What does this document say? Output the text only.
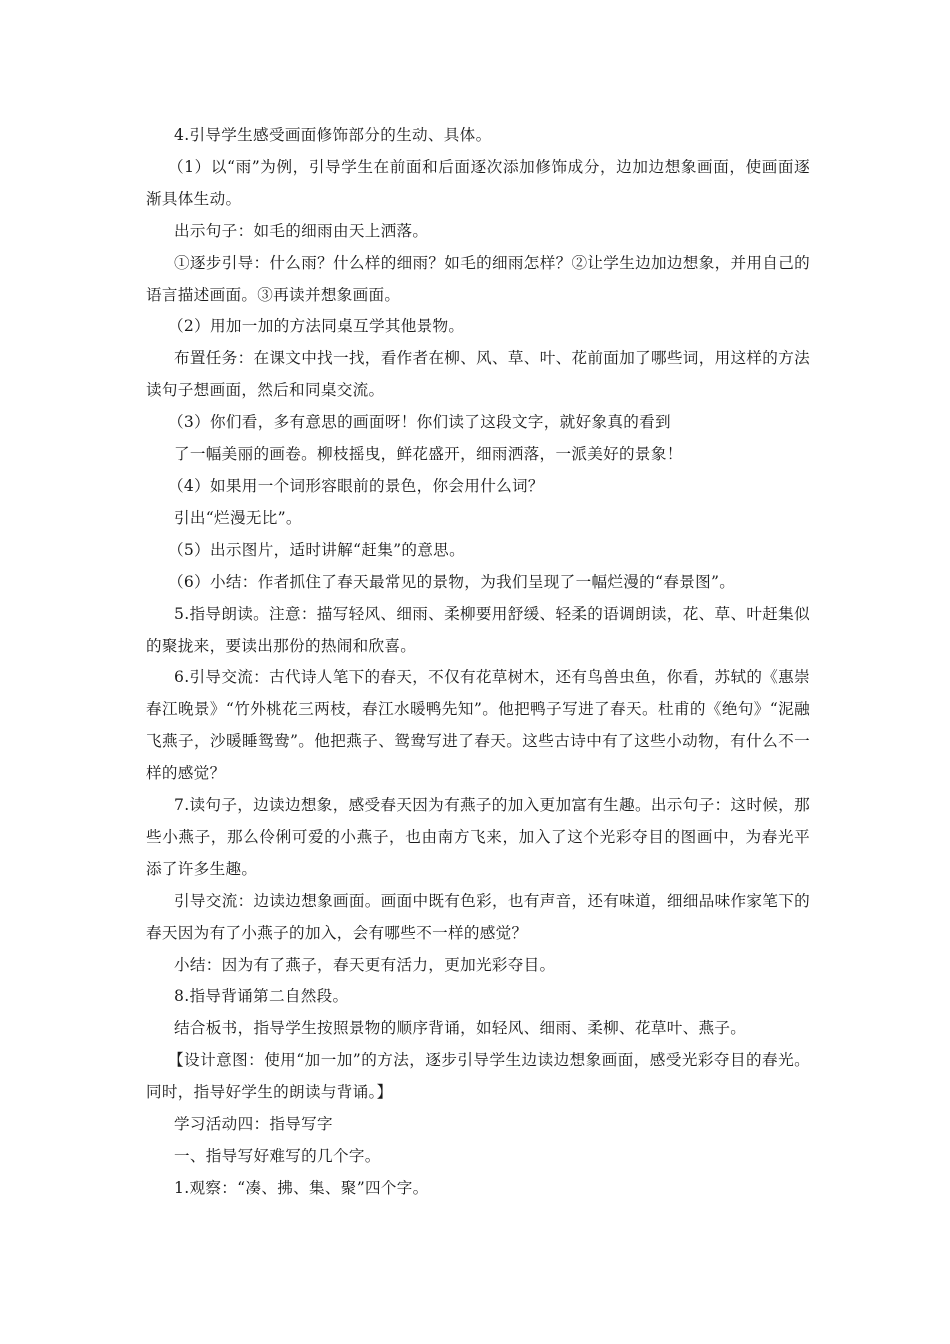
4.引导学生感受画面修饰部分的生动、具体。

（1）以“雨”为例，引导学生在前面和后面逐次添加修饰成分，边加边想象画面，使画面逐渐具体生动。

出示句子：如毛的细雨由天上洒落。

①逐步引导：什么雨？什么样的细雨？如毛的细雨怎样？②让学生边加边想象，并用自己的语言描述画面。③再读并想象画面。

（2）用加一加的方法同桌互学其他景物。

布置任务：在课文中找一找，看作者在柳、风、草、叶、花前面加了哪些词，用这样的方法读句子想画面，然后和同桌交流。

（3）你们看，多有意思的画面呀！你们读了这段文字，就好象真的看到

了一幅美丽的画卷。柳枝摇曳，鲜花盛开，细雨洒落，一派美好的景象！

（4）如果用一个词形容眼前的景色，你会用什么词？

引出“烂漫无比”。

（5）出示图片，适时讲解“赶集”的意思。

（6）小结：作者抓住了春天最常见的景物，为我们呈现了一幅烂漫的“春景图”。

5.指导朗读。注意：描写轻风、细雨、柔柳要用舒缓、轻柔的语调朗读，花、草、叶赶集似的聚拢来，要读出那份的热闹和欣喜。

6.引导交流：古代诗人笔下的春天，不仅有花草树木，还有鸟兽虫鱼，你看，苏轼的《惠崇春江晚景》“竹外桃花三两枝，春江水暖鸭先知”。他把鸭子写进了春天。杜甫的《绝句》“泥融飞燕子，沙暖睡鸳鸯”。他把燕子、鸳鸯写进了春天。这些古诗中有了这些小动物，有什么不一样的感觉？

7.读句子，边读边想象，感受春天因为有燕子的加入更加富有生趣。出示句子：这时候，那些小燕子，那么伶俐可爱的小燕子，也由南方飞来，加入了这个光彩夺目的图画中，为春光平添了许多生趣。

引导交流：边读边想象画面。画面中既有色彩，也有声音，还有味道，细细品味作家笔下的春天因为有了小燕子的加入，会有哪些不一样的感觉？

小结：因为有了燕子，春天更有活力，更加光彩夺目。

8.指导背诵第二自然段。

结合板书，指导学生按照景物的顺序背诵，如轻风、细雨、柔柳、花草叶、燕子。

【设计意图：使用“加一加”的方法，逐步引导学生边读边想象画面，感受光彩夺目的春光。同时，指导好学生的朗读与背诵。】

学习活动四：指导写字

一、指导写好难写的几个字。

1.观察：“凑、拂、集、聚”四个字。
